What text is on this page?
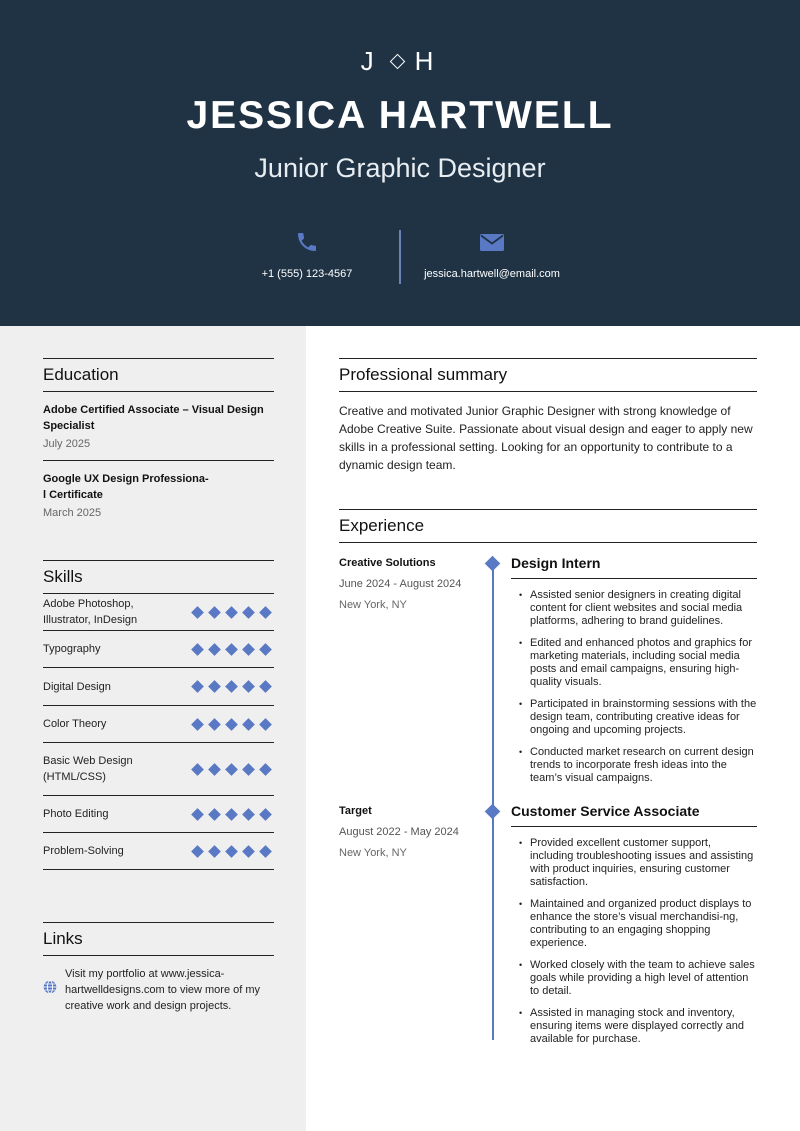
J H
JESSICA HARTWELL
Junior Graphic Designer
+1 (555) 123-4567	jessica.hartwell@email.com
Education
Adobe Certified Associate – Visual Design Specialist
July 2025
Google UX Design Professiona-
l Certificate
March 2025
Skills
Adobe Photoshop, Illustrator, InDesign
Typography
Digital Design
Color Theory
Basic Web Design (HTML/CSS)
Photo Editing
Problem-Solving
Links
Visit my portfolio at www.jessica-hartwelldesigns.com to view more of my creative work and design projects.
Professional summary
Creative and motivated Junior Graphic Designer with strong knowledge of Adobe Creative Suite. Passionate about visual design and eager to apply new skills in a professional setting. Looking for an opportunity to contribute to a dynamic design team.
Experience
Creative Solutions
June 2024 - August 2024
New York, NY
Design Intern
• Assisted senior designers in creating digital content for client websites and social media platforms, adhering to brand guidelines.
• Edited and enhanced photos and graphics for marketing materials, including social media posts and email campaigns, ensuring high-quality visuals.
• Participated in brainstorming sessions with the design team, contributing creative ideas for ongoing and upcoming projects.
• Conducted market research on current design trends to incorporate fresh ideas into the team’s visual campaigns.
Target
August 2022 - May 2024
New York, NY
Customer Service Associate
• Provided excellent customer support, including troubleshooting issues and assisting with product inquiries, ensuring customer satisfaction.
• Maintained and organized product displays to enhance the store’s visual merchandisi-ng, contributing to an engaging shopping experience.
• Worked closely with the team to achieve sales goals while providing a high level of attention to detail.
• Assisted in managing stock and inventory, ensuring items were displayed correctly and available for purchase.
